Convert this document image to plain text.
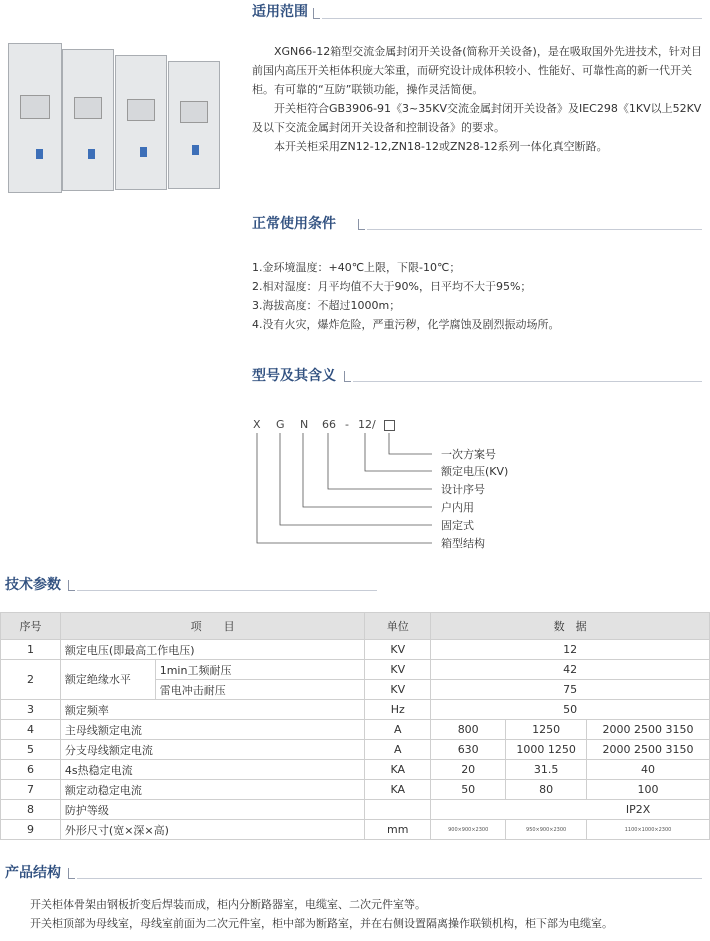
适用范围

XGN66-12箱型交流金属封闭开关设备(简称开关设备)，是在吸取国外先进技术，针对目前国内高压开关柜体积庞大笨重，而研究设计成体积较小、性能好、可靠性高的新一代开关柜。有可靠的“互防”联锁功能，操作灵活简便。

开关柜符合GB3906-91《3~35KV交流金属封闭开关设备》及IEC298《1KV以上52KV及以下交流金属封闭开关设备和控制设备》的要求。

本开关柜采用ZN12-12,ZN18-12或ZN28-12系列一体化真空断路。

正常使用条件

1.金环境温度：+40℃上限，下限-10℃；

2.相对湿度：月平均值不大于90%，日平均不大于95%；

3.海拔高度：不超过1000m；

4.没有火灾，爆炸危险，严重污秽，化学腐蚀及剧烈振动场所。

型号及其含义
X G N 66 - 12 /
一次方案号
额定电压(KV)
设计序号
户内用
固定式
箱型结构
技术参数
序号	项　　目		单位	数　据		
1	额定电压(即最高工作电压)		KV	12		
2	额定绝缘水平	1min工频耐压	KV	42		
		雷电冲击耐压	KV	75		
3	额定频率		Hz	50		
4	主母线额定电流		A	800	1250	2000 2500 3150
5	分支母线额定电流		A	630	1000 1250	2000 2500 3150
6	4s热稳定电流		KA	20	31.5	40
7	额定动稳定电流		KA	50	80	100
8	防护等级			IP2X		
9	外形尺寸(宽×深×高)		mm	900×900×2300	950×900×2300	1100×1000×2300
产品结构

开关柜体骨架由钢板折变后焊装而成，柜内分断路器室，电缆室、二次元件室等。

开关柜顶部为母线室，母线室前面为二次元件室，柜中部为断路室，并在右侧设置隔离操作联锁机构，柜下部为电缆室。
